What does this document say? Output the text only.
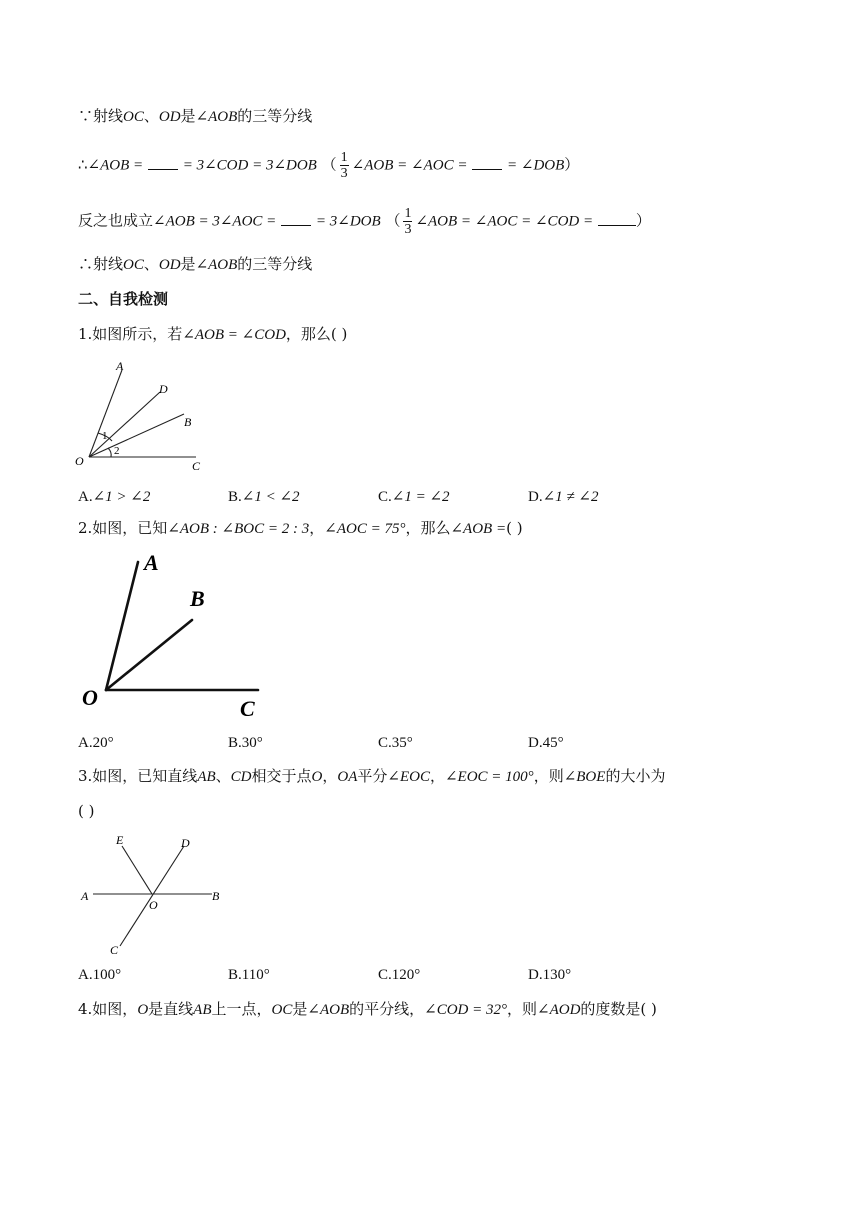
∵射线OC、OD是∠AOB的三等分线
∴∠AOB =	= 3∠COD = 3∠DOB （ $\frac{1}{3}$ ∠AOB = ∠AOC =	= ∠DOB）
反之也成立∠AOB = 3∠AOC =	= 3∠DOB （ $\frac{1}{3}$ ∠AOB = ∠AOC = ∠COD =	）
∴射线OC、OD是∠AOB的三等分线
二、自我检测
1.如图所示，若∠AOB = ∠COD，那么( )
A
D
B
O	C
1
2
A.∠1 > ∠2	B.∠1 < ∠2	C.∠1 = ∠2	D.∠1 ≠ ∠2
2.如图，已知∠AOB : ∠BOC = 2 : 3，∠AOC = 75°，那么∠AOB =( )
A
B
O	C
A.20°	B.30°	C.35°	D.45°
3.如图，已知直线AB、CD相交于点O，OA平分∠EOC，∠EOC = 100°，则∠BOE的大小为
( )
E	D
A
O
B
C
A.100°	B.110°	C.120°	D.130°
4.如图，O是直线AB上一点，OC是∠AOB的平分线，∠COD = 32°，则∠AOD的度数是( )
